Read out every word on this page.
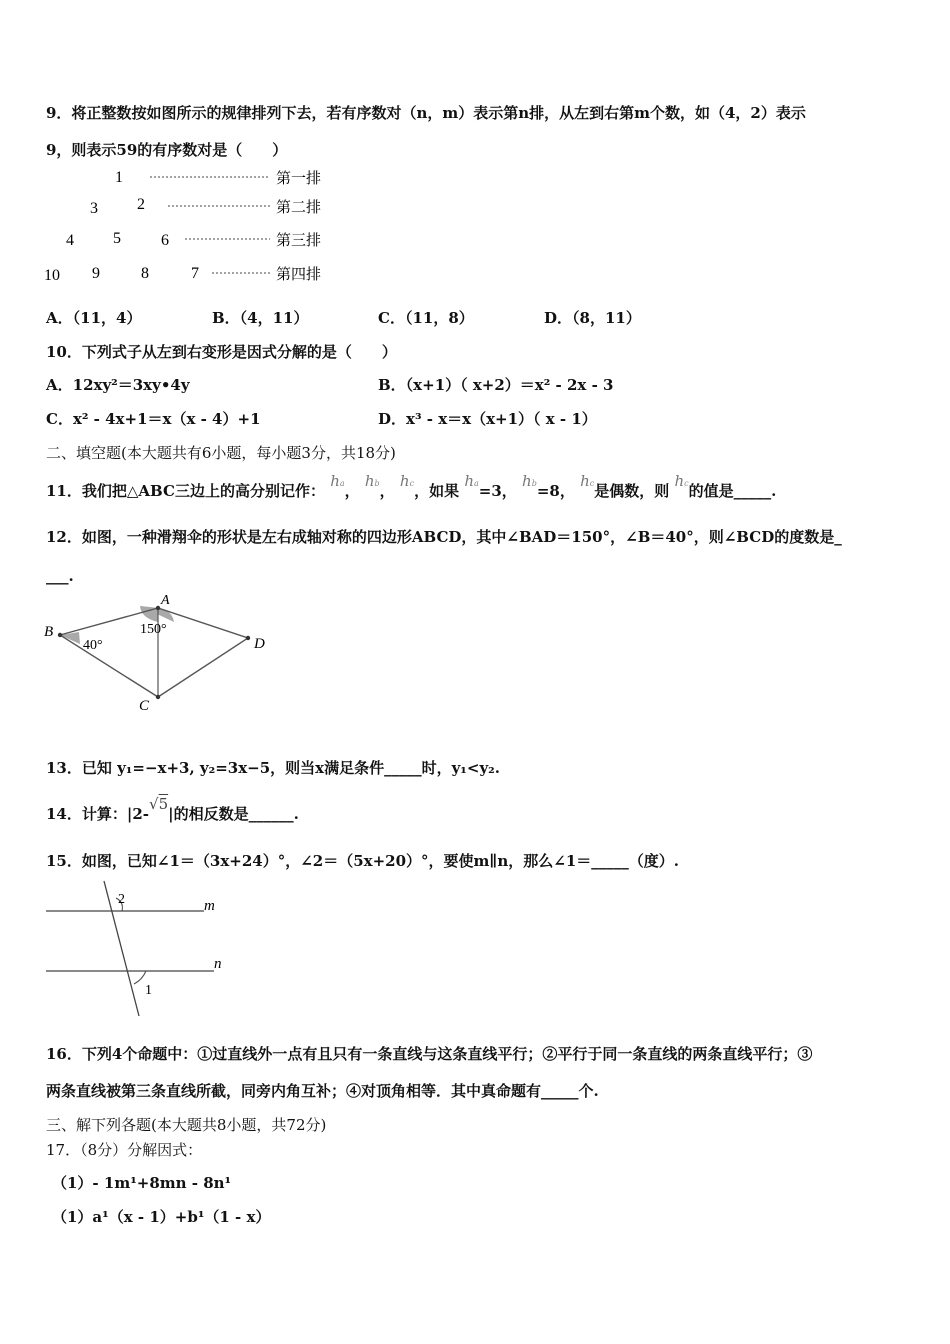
9．将正整数按如图所示的规律排列下去，若有序数对（n，m）表示第n排，从左到右第m个数，如（4，2）表示
9，则表示59的有序数对是（　　）
1	第一排
3 2	第二排
4 5	6	第三排
10 9	8	7	第四排
A．（11，4）	B．（4，11）	C．（11，8）	D．（8，11）
10．下列式子从左到右变形是因式分解的是（　　）
A．12xy²＝3xy•4y	B．（x+1）（ x+2）＝x² - 2x - 3
C．x² - 4x+1＝x（x - 4）+1	D．x³ - x＝x（x+1）（ x - 1）
二、填空题(本大题共有6小题，每小题3分，共18分)
11．我们把△ABC三边上的高分别记作： ha， hb， hc，如果 ha=3， hb=8， hc是偶数，则 hc的值是_____.
12．如图，一种滑翔伞的形状是左右成轴对称的四边形ABCD，其中∠BAD＝150°，∠B＝40°，则∠BCD的度数是_
___.
B
A
D
C
150°
40°
13．已知 y₁=−x+3, y₂=3x−5，则当x满足条件_____时，y₁<y₂.
14．计算：|2-√5|的相反数是______.
15．如图，已知∠1＝（3x+24）°，∠2＝（5x+20）°，要使m∥n，那么∠1＝_____（度）.
m
n
2
1
16．下列4个命题中：①过直线外一点有且只有一条直线与这条直线平行；②平行于同一条直线的两条直线平行；③
两条直线被第三条直线所截，同旁内角互补；④对顶角相等．其中真命题有_____个.
三、解下列各题(本大题共8小题，共72分)
17．（8分）分解因式：
（1）- 1m¹+8mn - 8n¹
（1）a¹（x - 1）+b¹（1 - x）
